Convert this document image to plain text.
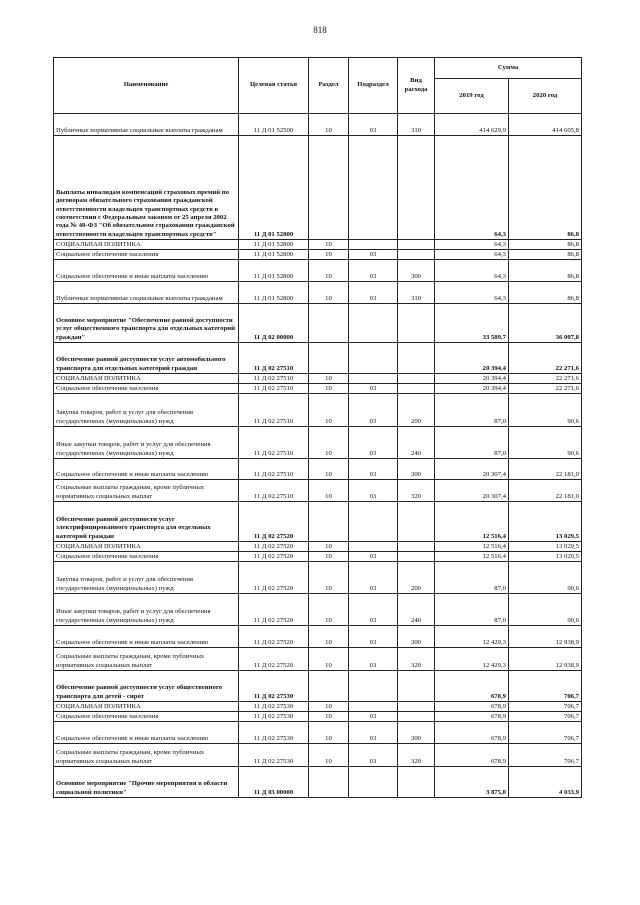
818
Наименование	Целевая статья	Раздел	Подраздел	Вид расхода	Сумма	
					2019 год	2020 год
Публичные нормативные социальные выплаты гражданам	11 Д 01 52500	10	03	310	414 629,9	414 605,8
Выплаты инвалидам компенсаций страховых премий по договорам обязательного страхования гражданской ответственности владельцев транспортных средств в соответствии с Федеральным законом от 25 апреля 2002 года № 40-ФЗ "Об обязательном страховании гражданской ответственности владельцев транспортных средств"	11 Д 01 52800				64,3	86,8
СОЦИАЛЬНАЯ ПОЛИТИКА	11 Д 01 52800	10			64,3	86,8
Социальное обеспечение населения	11 Д 01 52800	10	03		64,3	86,8
Социальное обеспечение и иные выплаты населению	11 Д 01 52800	10	03	300	64,3	86,8
Публичные нормативные социальные выплаты гражданам	11 Д 01 52800	10	03	310	64,3	86,8
Основное мероприятие "Обеспечение равной доступности услуг общественного транспорта для отдельных категорий граждан"	11 Д 02 00000				33 589,7	36 007,8
Обеспечение равной доступности услуг автомобильного транспорта для отдельных категорий граждан	11 Д 02 27510				20 394,4	22 271,6
СОЦИАЛЬНАЯ ПОЛИТИКА	11 Д 02 27510	10			20 394,4	22 271,6
Социальное обеспечение населения	11 Д 02 27510	10	03		20 394,4	22 271,6
Закупка товаров, работ и услуг для обеспечения государственных (муниципальных) нужд	11 Д 02 27510	10	03	200	87,0	90,6
Иные закупки товаров, работ и услуг для обеспечения государственных (муниципальных) нужд	11 Д 02 27510	10	03	240	87,0	90,6
Социальное обеспечение и иные выплаты населению	11 Д 02 27510	10	03	300	20 307,4	22 181,0
Социальные выплаты гражданам, кроме публичных нормативных социальных выплат	11 Д 02 27510	10	03	320	20 307,4	22 181,0
Обеспечение равной доступности услуг электрифицированного транспорта для отдельных категорий граждан	11 Д 02 27520				12 516,4	13 029,5
СОЦИАЛЬНАЯ ПОЛИТИКА	11 Д 02 27520	10			12 516,4	13 029,5
Социальное обеспечение населения	11 Д 02 27520	10	03		12 516,4	13 029,5
Закупка товаров, работ и услуг для обеспечения государственных (муниципальных) нужд	11 Д 02 27520	10	03	200	87,0	90,6
Иные закупки товаров, работ и услуг для обеспечения государственных (муниципальных) нужд	11 Д 02 27520	10	03	240	87,0	90,6
Социальное обеспечение и иные выплаты населению	11 Д 02 27520	10	03	300	12 429,3	12 938,9
Социальные выплаты гражданам, кроме публичных нормативных социальных выплат	11 Д 02 27520	10	03	320	12 429,3	12 938,9
Обеспечение равной доступности услуг общественного транспорта для детей - сирот	11 Д 02 27530				678,9	706,7
СОЦИАЛЬНАЯ ПОЛИТИКА	11 Д 02 27530	10			678,9	706,7
Социальное обеспечение населения	11 Д 02 27530	10	03		678,9	706,7
Социальное обеспечение и иные выплаты населению	11 Д 02 27530	10	03	300	678,9	706,7
Социальные выплаты гражданам, кроме публичных нормативных социальных выплат	11 Д 02 27530	10	03	320	678,9	706,7
Основное мероприятие "Прочие мероприятия в области социальной политики"	11 Д 03 00000				3 875,0	4 033,9
